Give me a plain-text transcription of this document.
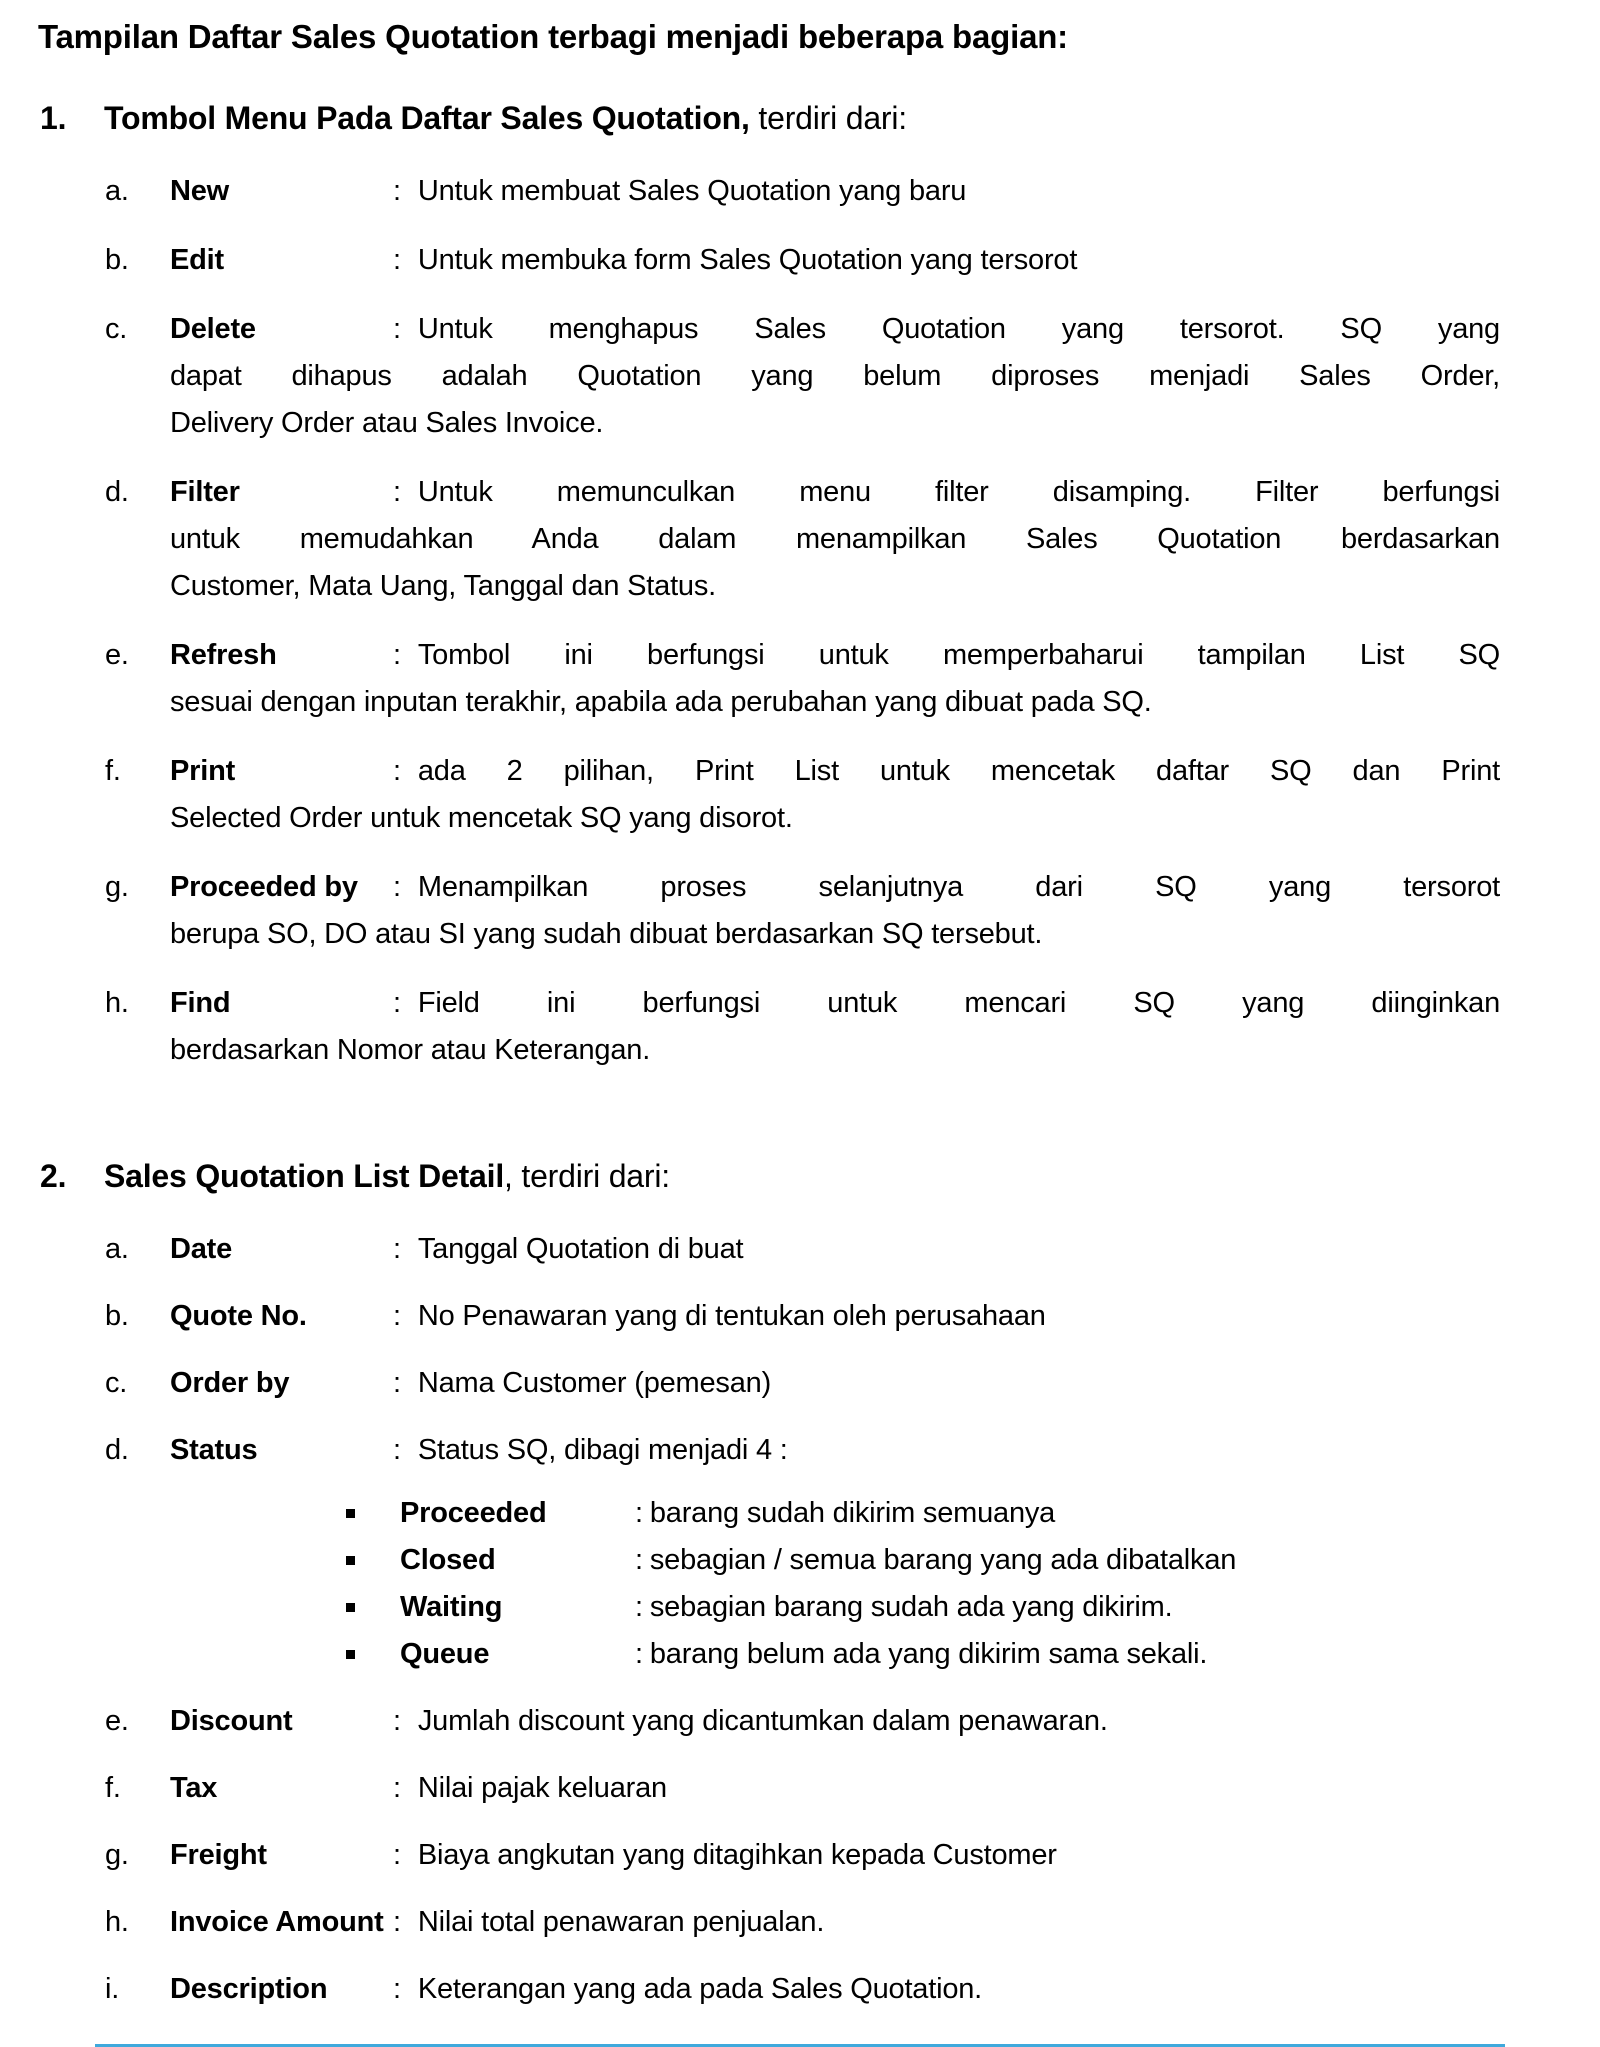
Tampilan Daftar Sales Quotation terbagi menjadi beberapa bagian:
1. Tombol Menu Pada Daftar Sales Quotation, terdiri dari:
a. New	: Untuk membuat Sales Quotation yang baru
b. Edit	: Untuk membuka form Sales Quotation yang tersorot
c. Delete	: Untuk menghapus Sales Quotation yang tersorot. SQ yang
dapat dihapus adalah Quotation yang belum diproses menjadi Sales Order,
Delivery Order atau Sales Invoice.
d. Filter	: Untuk memunculkan menu filter disamping. Filter berfungsi
untuk memudahkan Anda dalam menampilkan Sales Quotation berdasarkan
Customer, Mata Uang, Tanggal dan Status.
e. Refresh	: Tombol ini berfungsi untuk memperbaharui tampilan List SQ
sesuai dengan inputan terakhir, apabila ada perubahan yang dibuat pada SQ.
f. Print	: ada 2 pilihan, Print List untuk mencetak daftar SQ dan Print
Selected Order untuk mencetak SQ yang disorot.
g. Proceeded by	: Menampilkan proses selanjutnya dari SQ yang tersorot
berupa SO, DO atau SI yang sudah dibuat berdasarkan SQ tersebut.
h. Find	: Field ini berfungsi untuk mencari SQ yang diinginkan
berdasarkan Nomor atau Keterangan.
2. Sales Quotation List Detail, terdiri dari:
a. Date	: Tanggal Quotation di buat
b. Quote No.	: No Penawaran yang di tentukan oleh perusahaan
c. Order by	: Nama Customer (pemesan)
d. Status	: Status SQ, dibagi menjadi 4 :
Proceeded	: barang sudah dikirim semuanya
Closed	: sebagian / semua barang yang ada dibatalkan
Waiting	: sebagian barang sudah ada yang dikirim.
Queue	: barang belum ada yang dikirim sama sekali.
e. Discount	: Jumlah discount yang dicantumkan dalam penawaran.
f. Tax	: Nilai pajak keluaran
g. Freight	: Biaya angkutan yang ditagihkan kepada Customer
h. Invoice Amount : Nilai total penawaran penjualan.
i. Description	: Keterangan yang ada pada Sales Quotation.
